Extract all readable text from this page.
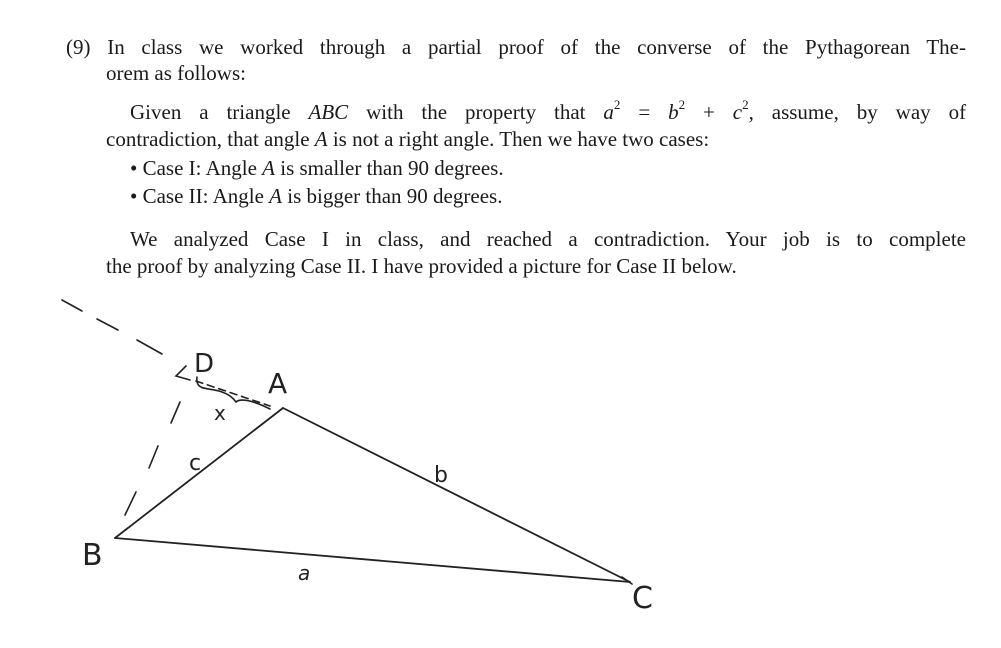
(9) In class we worked through a partial proof of the converse of the Pythagorean The-
orem as follows:
Given a triangle ABC with the property that $a^2 = b^2 + c^2$, assume, by way of
contradiction, that angle A is not a right angle. Then we have two cases:
• Case I: Angle A is smaller than 90 degrees.
• Case II: Angle A is bigger than 90 degrees.
We analyzed Case I in class, and reached a contradiction. Your job is to complete
the proof by analyzing Case II. I have provided a picture for Case II below.
D
A
x
c	b
B	a
C
